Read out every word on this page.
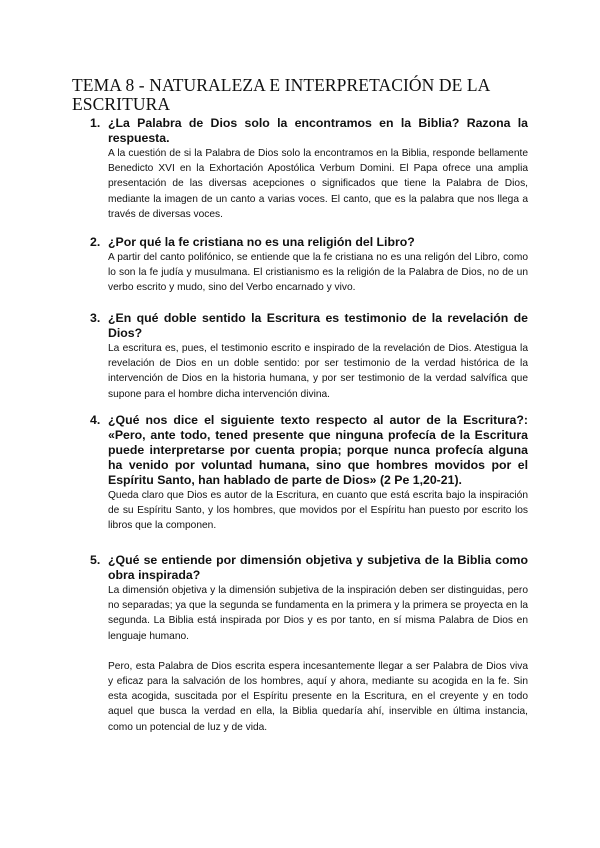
TEMA 8 - NATURALEZA E INTERPRETACIÓN DE LA ESCRITURA
1. ¿La Palabra de Dios solo la encontramos en la Biblia? Razona la respuesta.

A la cuestión de si la Palabra de Dios solo la encontramos en la Biblia, responde bellamente Benedicto XVI en la Exhortación Apostólica Verbum Domini. El Papa ofrece una amplia presentación de las diversas acepciones o significados que tiene la Palabra de Dios, mediante la imagen de un canto a varias voces. El canto, que es la palabra que nos llega a través de diversas voces.

2. ¿Por qué la fe cristiana no es una religión del Libro?

A partir del canto polifónico, se entiende que la fe cristiana no es una religón del Libro, como lo son la fe judía y musulmana. El cristianismo es la religión de la Palabra de Dios, no de un verbo escrito y mudo, sino del Verbo encarnado y vivo.

3. ¿En qué doble sentido la Escritura es testimonio de la revelación de Dios?

La escritura es, pues, el testimonio escrito e inspirado de la revelación de Dios. Atestigua la revelación de Dios en un doble sentido: por ser testimonio de la verdad histórica de la intervención de Dios en la historia humana, y por ser testimonio de la verdad salvífica que supone para el hombre dicha intervención divina.

4. ¿Qué nos dice el siguiente texto respecto al autor de la Escritura?: «Pero, ante todo, tened presente que ninguna profecía de la Escritura puede interpretarse por cuenta propia; porque nunca profecía alguna ha venido por voluntad humana, sino que hombres movidos por el Espíritu Santo, han hablado de parte de Dios» (2 Pe 1,20-21).

Queda claro que Dios es autor de la Escritura, en cuanto que está escrita bajo la inspiración de su Espíritu Santo, y los hombres, que movidos por el Espíritu han puesto por escrito los libros que la componen.

5. ¿Qué se entiende por dimensión objetiva y subjetiva de la Biblia como obra inspirada?

La dimensión objetiva y la dimensión subjetiva de la inspiración deben ser distinguidas, pero no separadas; ya que la segunda se fundamenta en la primera y la primera se proyecta en la segunda. La Biblia está inspirada por Dios y es por tanto, en sí misma Palabra de Dios en lenguaje humano.

Pero, esta Palabra de Dios escrita espera incesantemente llegar a ser Palabra de Dios viva y eficaz para la salvación de los hombres, aquí y ahora, mediante su acogida en la fe. Sin esta acogida, suscitada por el Espíritu presente en la Escritura, en el creyente y en todo aquel que busca la verdad en ella, la Biblia quedaría ahí, inservible en última instancia, como un potencial de luz y de vida.
